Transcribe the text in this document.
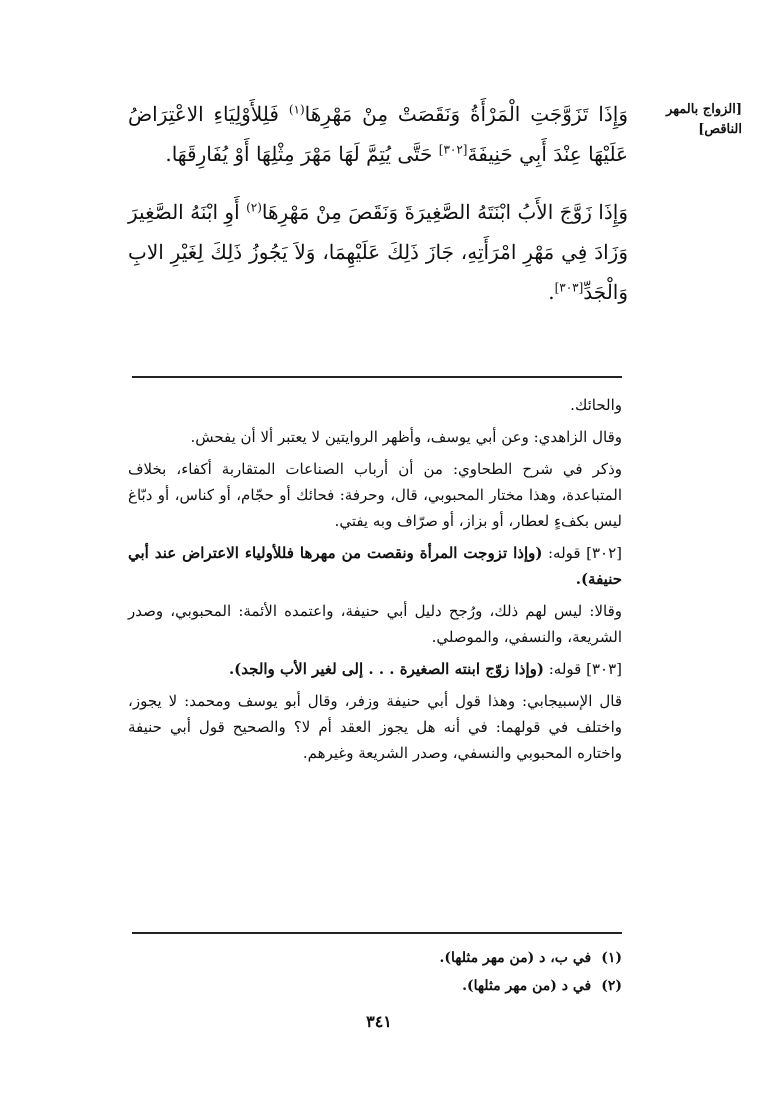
[الزواج بالمهر
الناقص]

وَإِذَا تَزَوَّجَتِ الْمَرْأَةُ وَنَقَصَتْ مِنْ مَهْرِهَا$^{(١)}$ فَلِلأَوْلِيَاءِ الاعْتِرَاضُ عَلَيْهَا عِنْدَ أَبِي حَنِيفَةَ[٣٠٢] حَتَّى يُتِمَّ لَهَا مَهْرَ مِثْلِهَا أَوْ يُفَارِقَهَا.

وَإِذَا زَوَّجَ الأَبُ ابْنَتَهُ الصَّغِيرَةَ وَنَقَصَ مِنْ مَهْرِهَا$^{(٢)}$ أَوِ ابْنَهُ الصَّغِيرَ وَزَادَ فِي مَهْرِ امْرَأَتِهِ، جَازَ ذَلِكَ عَلَيْهِمَا، وَلاَ يَجُوزُ ذَلِكَ لِغَيْرِ الابِ وَالْجَدِّ[٣٠٣].

والحائك.

وقال الزاهدي: وعن أبي يوسف، وأظهر الروايتين لا يعتبر ألا أن يفحش.

وذكر في شرح الطحاوي: من أن أرباب الصناعات المتقاربة أكفاء، بخلاف المتباعدة، وهذا مختار المحبوبي، قال، وحرفة: فحائك أو حجّام، أو كناس، أو دبّاغ ليس بكفءٍ لعطار، أو بزاز، أو صرّاف وبه يفتي.

[٣٠٢] قوله: (وإذا تزوجت المرأة ونقصت من مهرها فللأولياء الاعتراض عند أبي حنيفة).

وقالا: ليس لهم ذلك، ورُجح دليل أبي حنيفة، واعتمده الأئمة: المحبوبي، وصدر الشريعة، والنسفي، والموصلي.

[٣٠٣] قوله: (وإذا زوّج ابنته الصغيرة . . . إلى لغير الأب والجد).

قال الإسبيجابي: وهذا قول أبي حنيفة وزفر، وقال أبو يوسف ومحمد: لا يجوز، واختلف في قولهما: في أنه هل يجوز العقد أم لا؟ والصحيح قول أبي حنيفة واختاره المحبوبي والنسفي، وصدر الشريعة وغيرهم.

(١)في ب، د (من مهر مثلها).

(٢)في د (من مهر مثلها).

٣٤١
